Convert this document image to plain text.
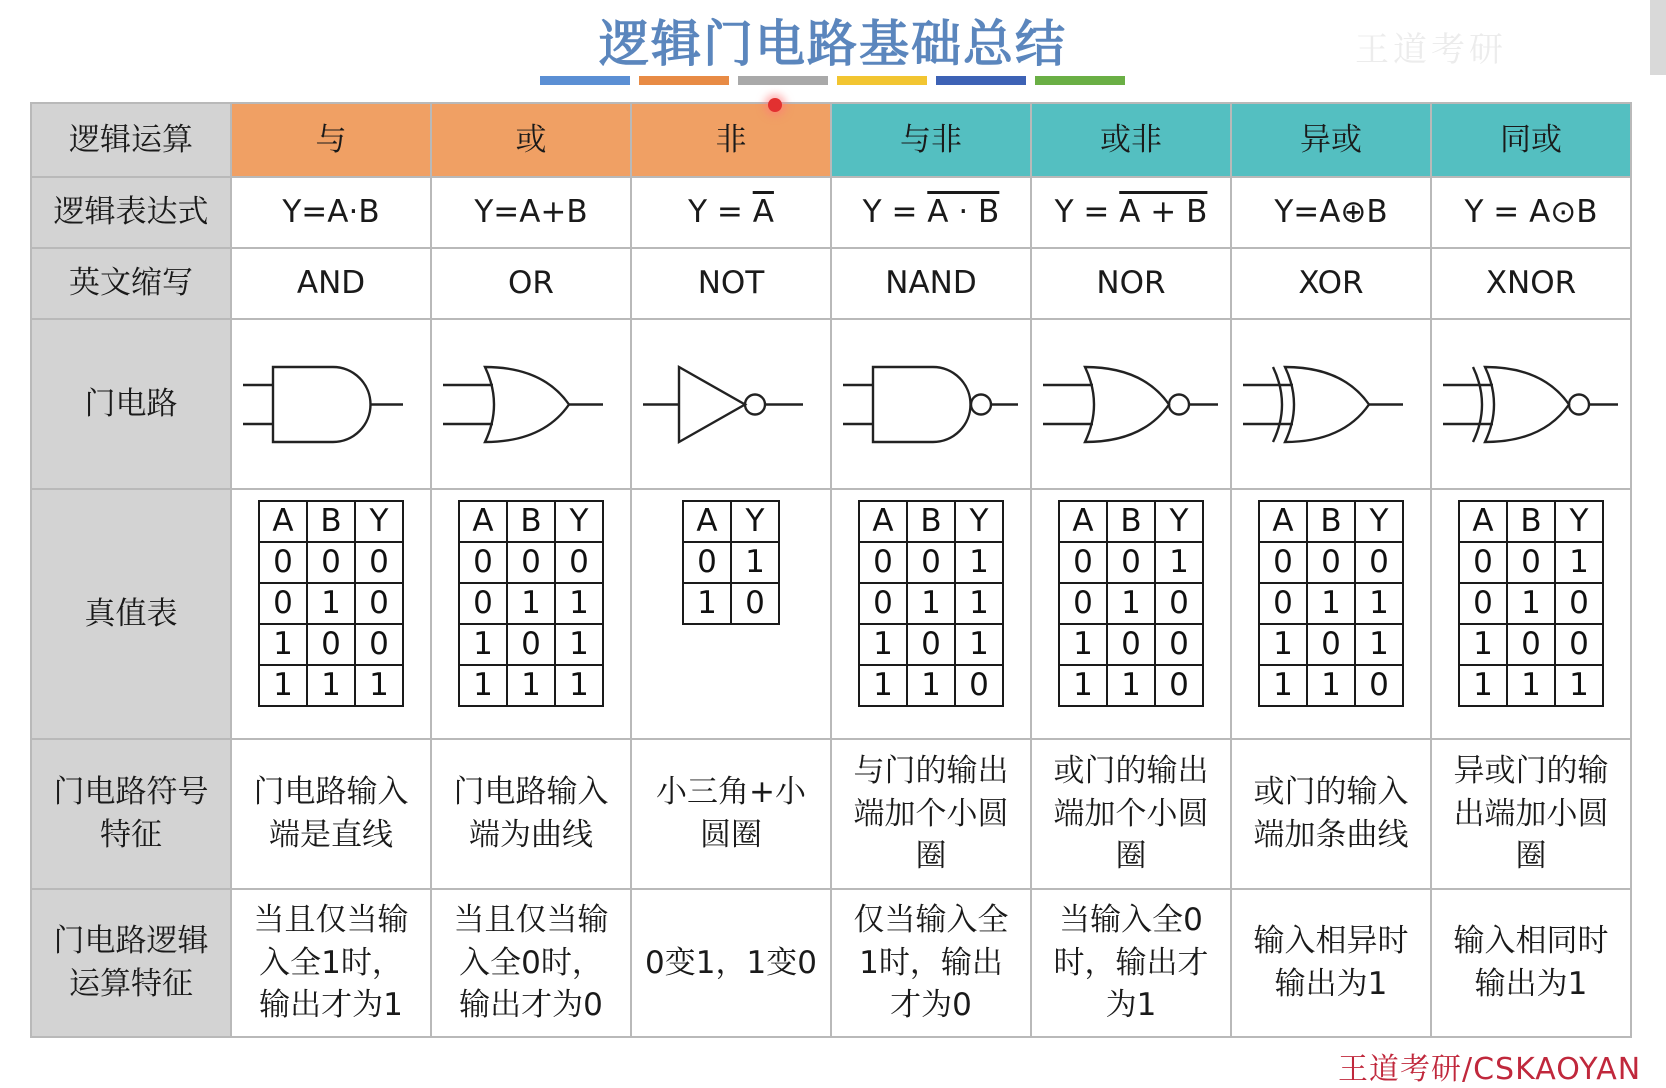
逻辑门电路基础总结	王道考研
逻辑运算	与	或	非	与非	或非	异或	同或
逻辑表达式	Y=A·B	Y=A+B	$Y = \overline{A}$	Y = A · B	Y = A + B	Y=A⊕B	Y = A⊙B
英文缩写	AND	OR	NOT	NAND	NOR	XOR	XNOR
门电路	

真值表	
A	B	Y
0	0	0
0	1	0
1	0	0
1	1	1

A	B	Y
0	0	0
0	1	1
1	0	1
1	1	1

A	Y
0	1
1	0

A	B	Y
0	0	1
0	1	1
1	0	1
1	1	0

A	B	Y
0	0	1
0	1	0
1	0	0
1	1	0

A	B	Y
0	0	0
0	1	1
1	0	1
1	1	0

A	B	Y
0	0	1
0	1	0
1	0	0
1	1	1

门电路符号特征	门电路输入端是直线	门电路输入端为曲线	小三角+小圆圈	与门的输出端加个小圆圈	或门的输出端加个小圆圈	或门的输入端加条曲线	异或门的输出端加小圆圈
门电路逻辑运算特征	当且仅当输入全1时，输出才为1	当且仅当输入全0时，输出才为0	0变1，1变0	仅当输入全1时，输出才为0	当输入全0时，输出才为1	输入相异时输出为1	输入相同时输出为1
王道考研/CSKAOYAN
